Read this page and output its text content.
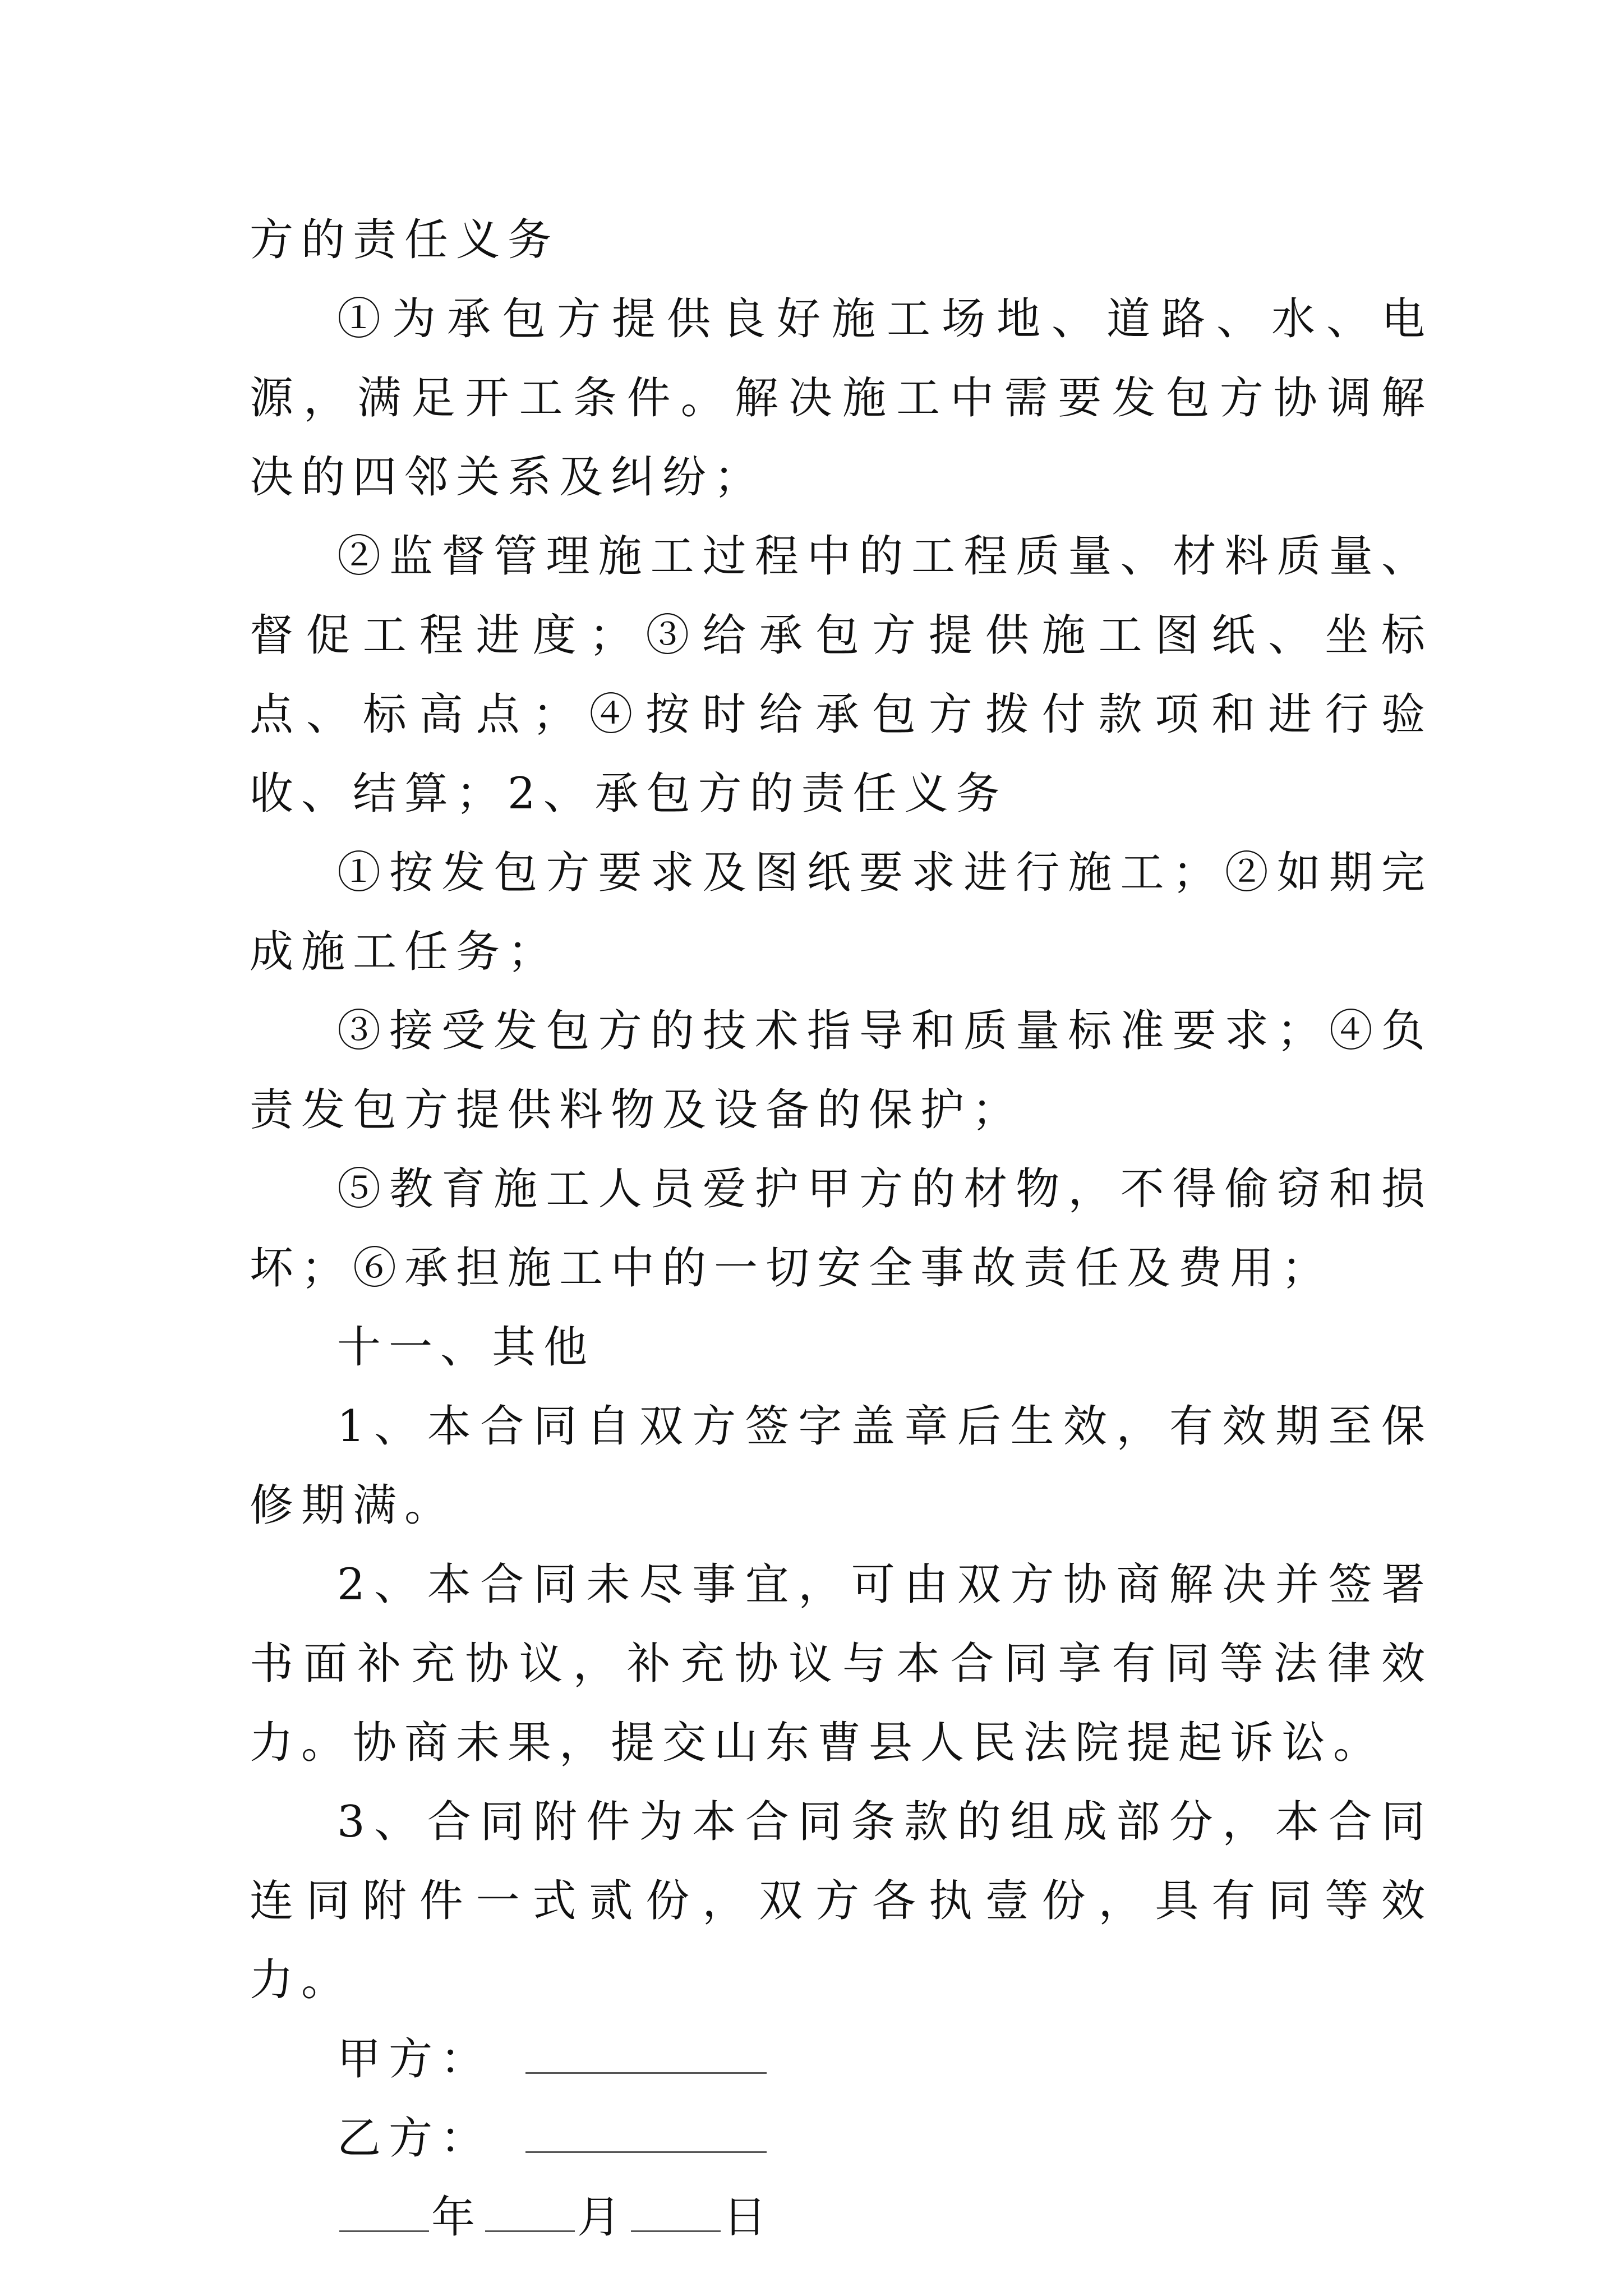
方的责任义务

①为承包方提供良好施工场地、道路、水、电源，满足开工条件。解决施工中需要发包方协调解决的四邻关系及纠纷；

②监督管理施工过程中的工程质量、材料质量、督促工程进度；③给承包方提供施工图纸、坐标点、标高点；④按时给承包方拨付款项和进行验收、结算；2、承包方的责任义务

①按发包方要求及图纸要求进行施工；②如期完成施工任务；

③接受发包方的技术指导和质量标准要求；④负责发包方提供料物及设备的保护；

⑤教育施工人员爱护甲方的材物，不得偷窃和损坏；⑥承担施工中的一切安全事故责任及费用；

十一、其他

1、本合同自双方签字盖章后生效，有效期至保修期满。

2、本合同未尽事宜，可由双方协商解决并签署书面补充协议，补充协议与本合同享有同等法律效力。协商未果，提交山东曹县人民法院提起诉讼。

3、合同附件为本合同条款的组成部分，本合同连同附件一式贰份，双方各执壹份，具有同等效力。

甲方：
乙方：
年 月 日
